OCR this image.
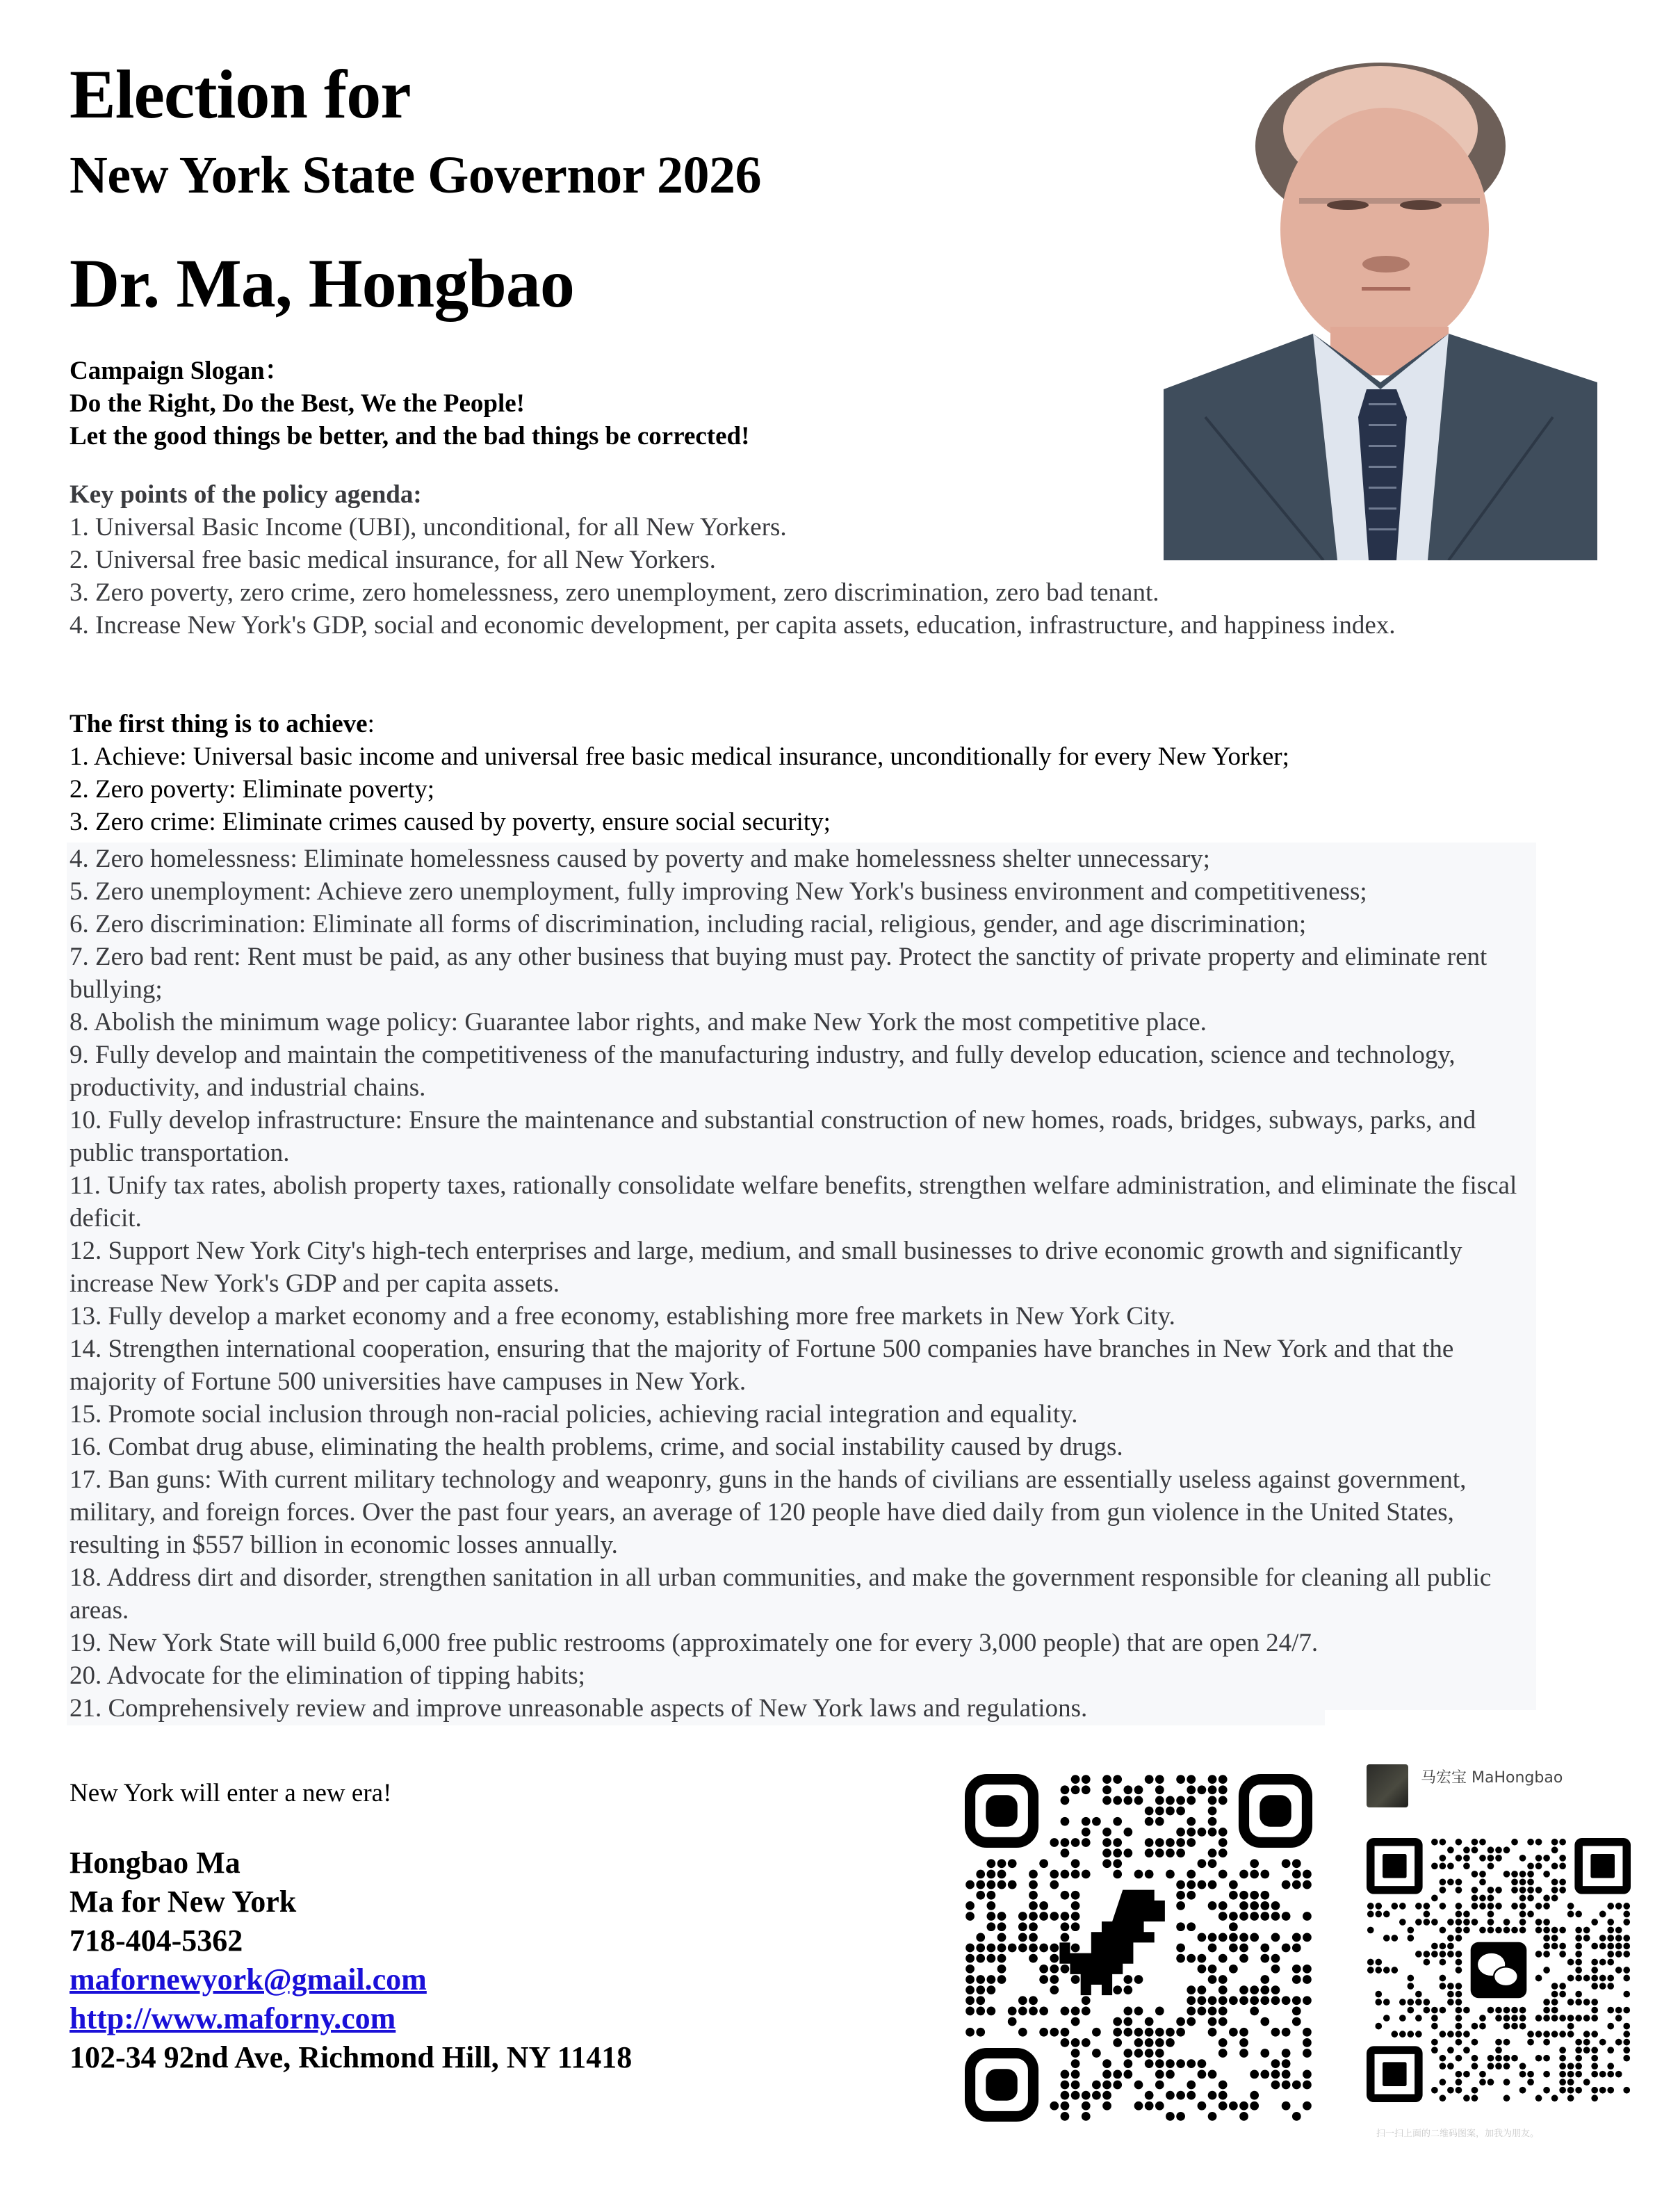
Election for
New York State Governor 2026
Dr. Ma, Hongbao
Campaign Slogan：
Do the Right, Do the Best, We the People!
Let the good things be better, and the bad things be corrected!
Key points of the policy agenda:
1. Universal Basic Income (UBI), unconditional, for all New Yorkers.
2. Universal free basic medical insurance, for all New Yorkers.
3. Zero poverty, zero crime, zero homelessness, zero unemployment, zero discrimination, zero bad tenant.
4. Increase New York's GDP, social and economic development, per capita assets, education, infrastructure, and happiness index.
The first thing is to achieve:
1. Achieve: Universal basic income and universal free basic medical insurance, unconditionally for every New Yorker;
2. Zero poverty: Eliminate poverty;
3. Zero crime: Eliminate crimes caused by poverty, ensure social security;
4. Zero homelessness: Eliminate homelessness caused by poverty and make homelessness shelter unnecessary;
5. Zero unemployment: Achieve zero unemployment, fully improving New York's business environment and competitiveness;
6. Zero discrimination: Eliminate all forms of discrimination, including racial, religious, gender, and age discrimination;
7. Zero bad rent: Rent must be paid, as any other business that buying must pay. Protect the sanctity of private property and eliminate rent bullying;
8. Abolish the minimum wage policy: Guarantee labor rights, and make New York the most competitive place.
9. Fully develop and maintain the competitiveness of the manufacturing industry, and fully develop education, science and technology, productivity, and industrial chains.
10. Fully develop infrastructure: Ensure the maintenance and substantial construction of new homes, roads, bridges, subways, parks, and public transportation.
11. Unify tax rates, abolish property taxes, rationally consolidate welfare benefits, strengthen welfare administration, and eliminate the fiscal deficit.
12. Support New York City's high-tech enterprises and large, medium, and small businesses to drive economic growth and significantly increase New York's GDP and per capita assets.
13. Fully develop a market economy and a free economy, establishing more free markets in New York City.
14. Strengthen international cooperation, ensuring that the majority of Fortune 500 companies have branches in New York and that the majority of Fortune 500 universities have campuses in New York.
15. Promote social inclusion through non-racial policies, achieving racial integration and equality.
16. Combat drug abuse, eliminating the health problems, crime, and social instability caused by drugs.
17. Ban guns: With current military technology and weaponry, guns in the hands of civilians are essentially useless against government, military, and foreign forces. Over the past four years, an average of 120 people have died daily from gun violence in the United States, resulting in $557 billion in economic losses annually.
18. Address dirt and disorder, strengthen sanitation in all urban communities, and make the government responsible for cleaning all public areas.
19. New York State will build 6,000 free public restrooms (approximately one for every 3,000 people) that are open 24/7.
20. Advocate for the elimination of tipping habits;
21. Comprehensively review and improve unreasonable aspects of New York laws and regulations.
New York will enter a new era!
Hongbao Ma
Ma for New York
718-404-5362
mafornewyork@gmail.com
http://www.maforny.com
102-34 92nd Ave, Richmond Hill, NY 11418
马宏宝 MaHongbao

扫一扫上面的二维码图案，加我为朋友。
